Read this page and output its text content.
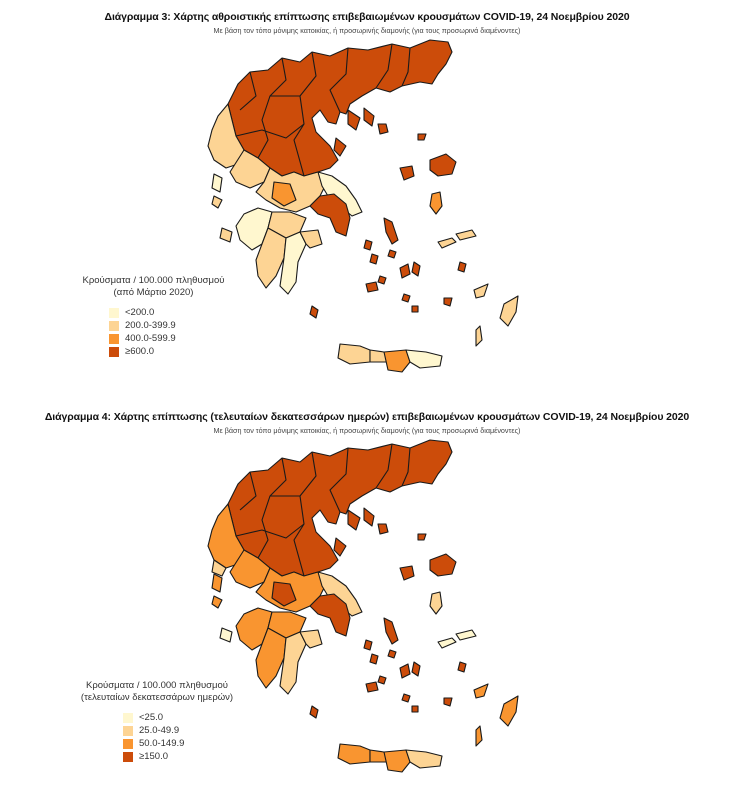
Διάγραμμα 3: Χάρτης αθροιστικής επίπτωσης επιβεβαιωμένων κρουσμάτων COVID-19, 24 Νοεμβρίου 2020
Με βάση τον τόπο μόνιμης κατοικίας, ή προσωρινής διαμονής (για τους προσωρινά διαμένοντες)
Κρούσματα / 100.000 πληθυσμού
(από Μάρτιο 2020)
<200.0
200.0-399.9
400.0-599.9
≥600.0
Διάγραμμα 4: Χάρτης επίπτωσης (τελευταίων δεκατεσσάρων ημερών) επιβεβαιωμένων κρουσμάτων COVID-19, 24 Νοεμβρίου 2020
Με βάση τον τόπο μόνιμης κατοικίας, ή προσωρινής διαμονής (για τους προσωρινά διαμένοντες)
Κρούσματα / 100.000 πληθυσμού
(τελευταίων δεκατεσσάρων ημερών)
<25.0
25.0-49.9
50.0-149.9
≥150.0
